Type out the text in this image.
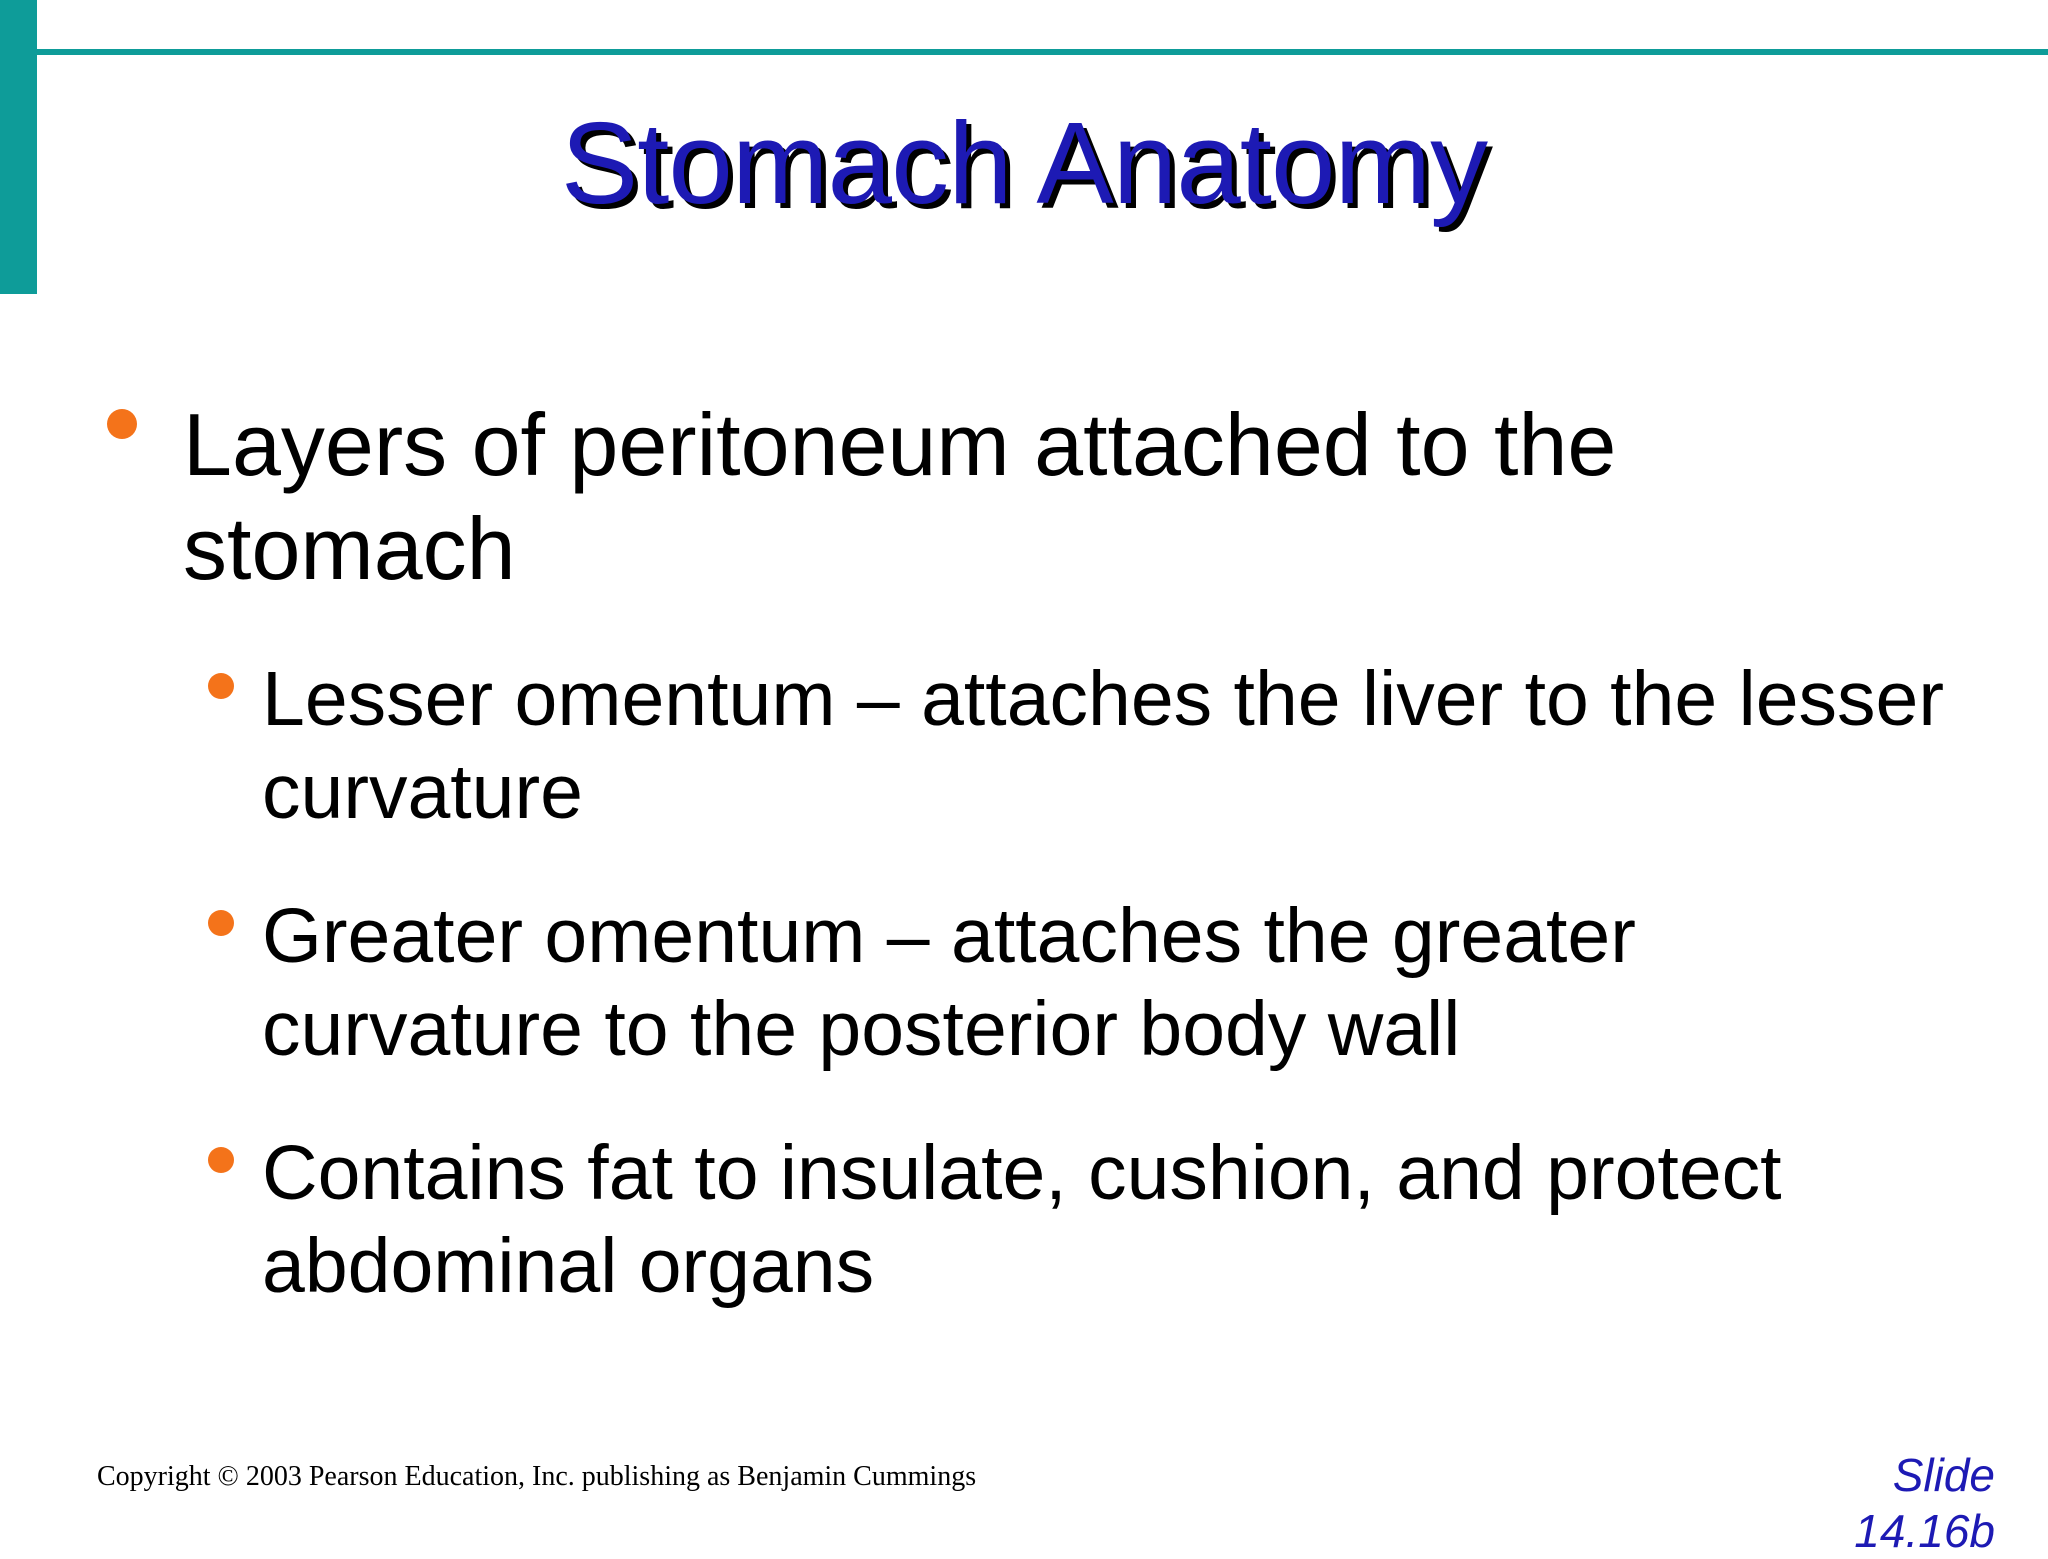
Stomach Anatomy
Layers of peritoneum attached to the stomach
Lesser omentum – attaches the liver to the lesser curvature
Greater omentum – attaches the greater curvature to the posterior body wall
Contains fat to insulate, cushion, and protect abdominal organs
Copyright © 2003 Pearson Education, Inc. publishing as Benjamin Cummings	Slide
14.16b
